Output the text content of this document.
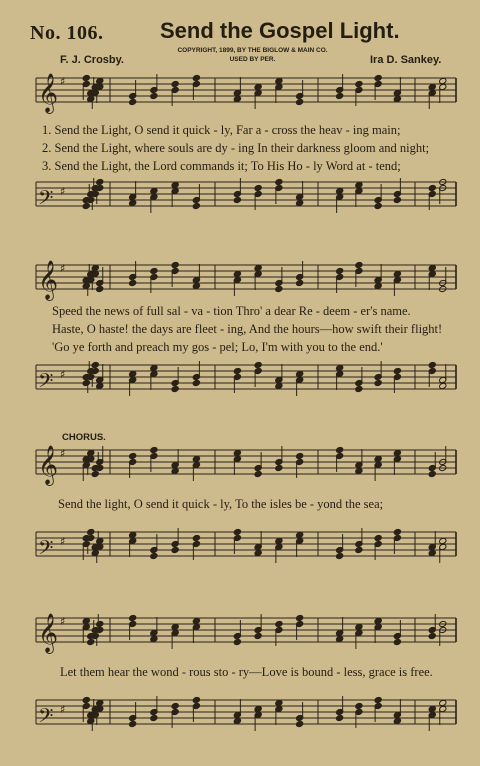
No. 106.	Send the Gospel Light.
COPYRIGHT, 1899, BY THE BIGLOW & MAIN CO.
USED BY PER.
F. J. Crosby.	Ira D. Sankey.
𝄞 ♯
1. Send the Light, O send it quick - ly, Far a - cross the heav - ing main;
2. Send the Light, where souls are dy - ing In their darkness gloom and night;
3. Send the Light, the Lord commands it; To His Ho - ly Word at - tend;
𝄢 ♯
𝄞 ♯
Speed the news of full sal - va - tion Thro' a dear Re - deem - er's name.
Haste, O haste! the days are fleet - ing, And the hours—how swift their flight!
'Go ye forth and preach my gos - pel; Lo, I'm with you to the end.'
𝄢 ♯
CHORUS.
𝄞 ♯
Send the light, O send it quick - ly, To the isles be - yond the sea;
𝄢 ♯
𝄞 ♯
Let them hear the wond - rous sto - ry—Love is bound - less, grace is free.
𝄢 ♯
